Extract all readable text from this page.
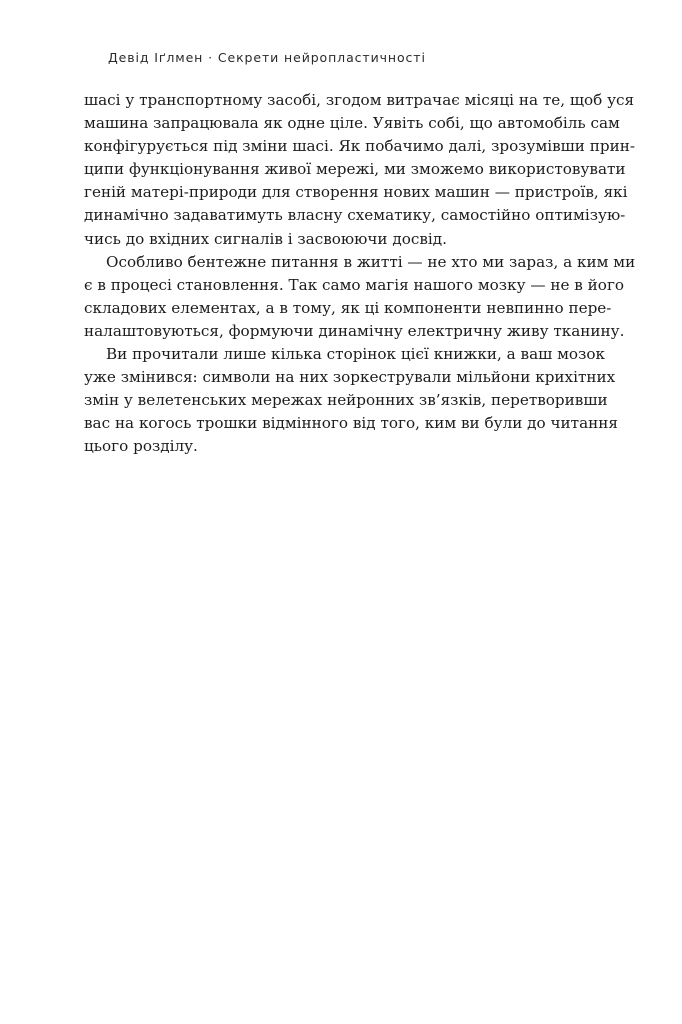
Девід Іґлмен · Секрети нейропластичності

шасі у транспортному засобі, згодом витрачає місяці на те, щоб уся
машина запрацювала як одне ціле. Уявіть собі, що автомобіль сам
конфігурується під зміни шасі. Як побачимо далі, зрозумівши прин-
ципи функціонування живої мережі, ми зможемо використовувати
геній матері-природи для створення нових машин — пристроїв, які
динамічно задаватимуть власну схематику, самостійно оптимізую-
чись до вхідних сигналів і засвоюючи досвід.

Особливо бентежне питання в житті — не хто ми зараз, а ким ми
є в процесі становлення. Так само магія нашого мозку — не в його
складових елементах, а в тому, як ці компоненти невпинно пере-
налаштовуються, формуючи динамічну електричну живу тканину.

Ви прочитали лише кілька сторінок цієї книжки, а ваш мозок
уже змінився: символи на них зоркестрували мільйони крихітних
змін у велетенських мережах нейронних зв’язків, перетворивши
вас на когось трошки відмінного від того, ким ви були до читання
цього розділу.
